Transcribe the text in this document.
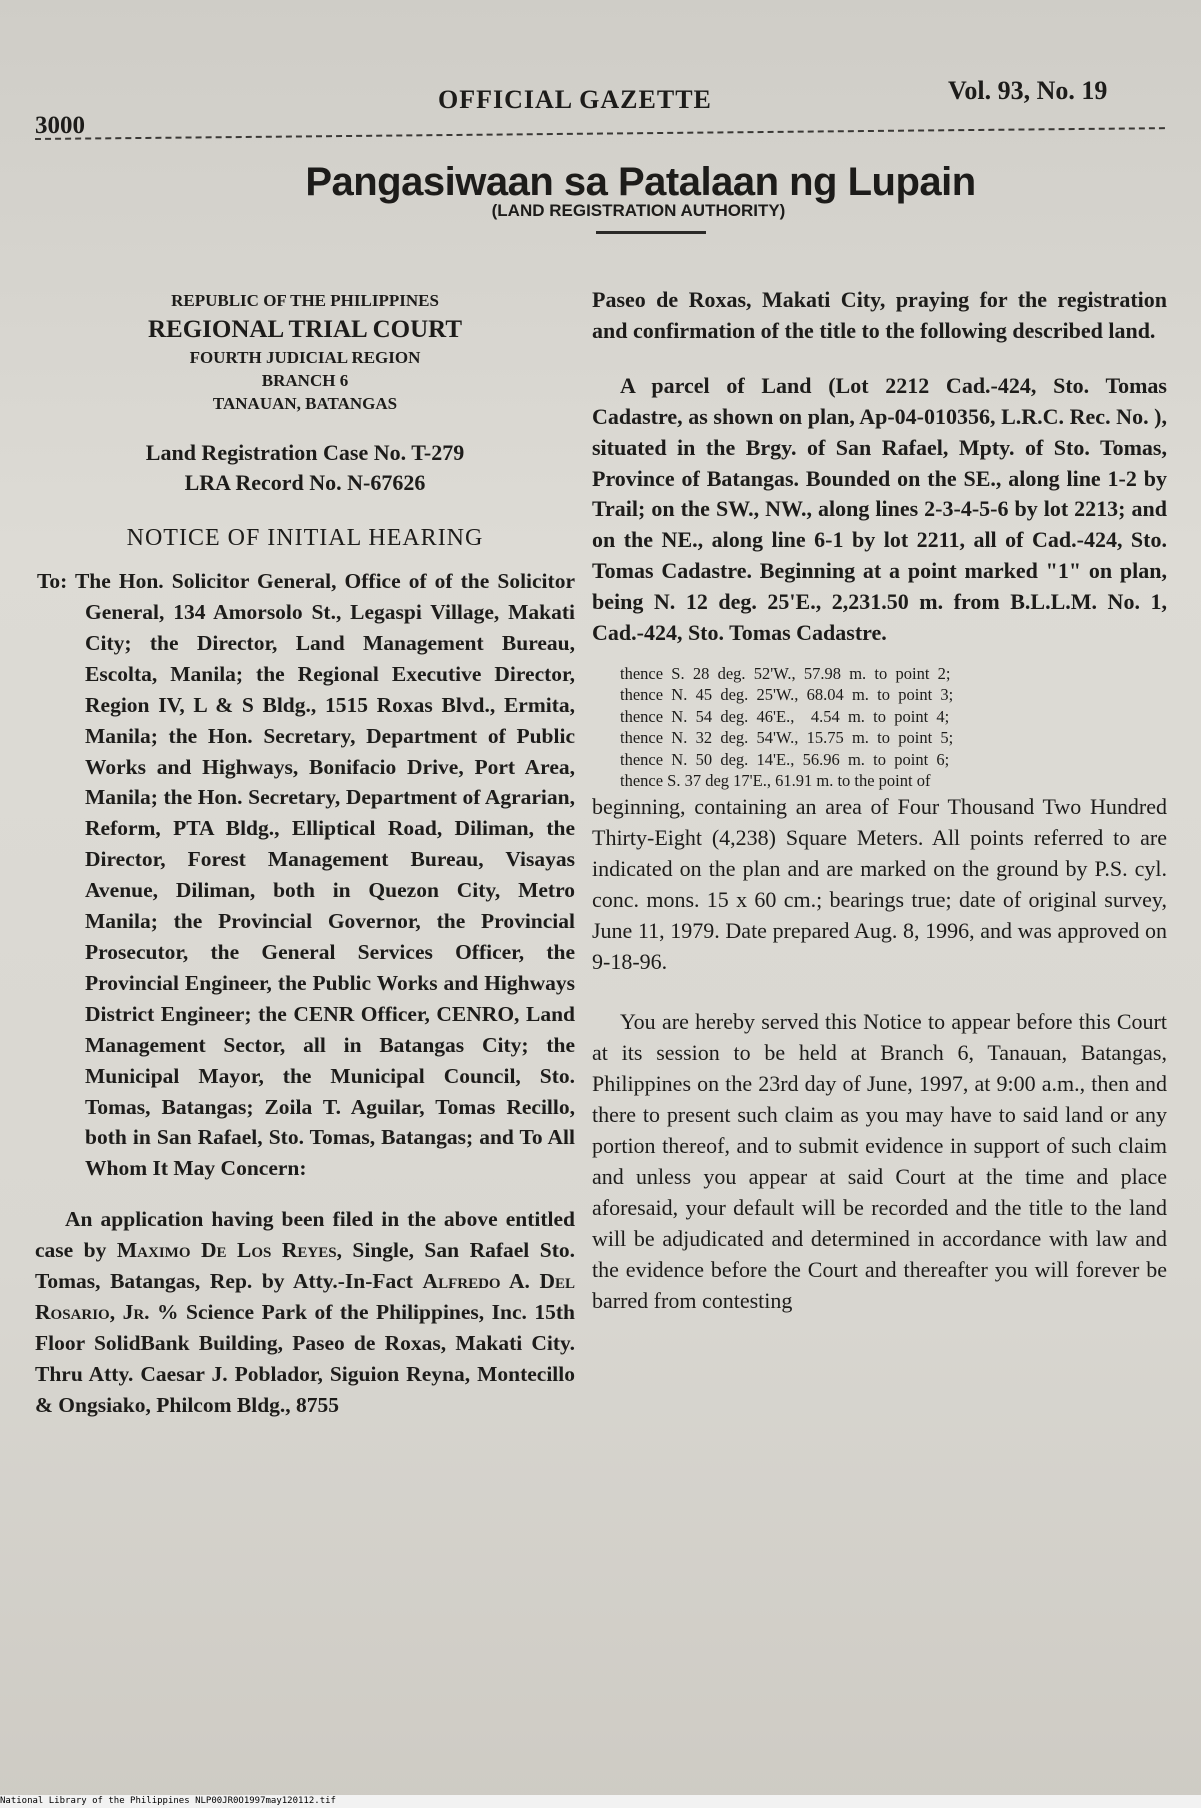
3000
OFFICIAL GAZETTE	Vol. 93, No. 19
Pangasiwaan sa Patalaan ng Lupain
(LAND REGISTRATION AUTHORITY)
REPUBLIC OF THE PHILIPPINES
REGIONAL TRIAL COURT
FOURTH JUDICIAL REGION
BRANCH 6
TANAUAN, BATANGAS
Land Registration Case No. T-279
LRA Record No. N-67626
NOTICE OF INITIAL HEARING
To: The Hon. Solicitor General, Office of of the Solicitor General, 134 Amorsolo St., Legaspi Village, Makati City; the Director, Land Management Bureau, Escolta, Manila; the Regional Executive Director, Region IV, L & S Bldg., 1515 Roxas Blvd., Ermita, Manila; the Hon. Secretary, Department of Public Works and Highways, Bonifacio Drive, Port Area, Manila; the Hon. Secretary, Department of Agrarian, Reform, PTA Bldg., Elliptical Road, Diliman, the Director, Forest Management Bureau, Visayas Avenue, Diliman, both in Quezon City, Metro Manila; the Provincial Governor, the Provincial Prosecutor, the General Services Officer, the Provincial Engineer, the Public Works and Highways District Engineer; the CENR Officer, CENRO, Land Management Sector, all in Batangas City; the Municipal Mayor, the Municipal Council, Sto. Tomas, Batangas; Zoila T. Aguilar, Tomas Recillo, both in San Rafael, Sto. Tomas, Batangas; and To All Whom It May Concern:
An application having been filed in the above entitled case by Maximo De Los Reyes, Single, San Rafael Sto. Tomas, Batangas, Rep. by Atty.-In-Fact Alfredo A. Del Rosario, Jr. % Science Park of the Philippines, Inc. 15th Floor SolidBank Building, Paseo de Roxas, Makati City. Thru Atty. Caesar J. Poblador, Siguion Reyna, Montecillo & Ongsiako, Philcom Bldg., 8755

Paseo de Roxas, Makati City, praying for the registration and confirmation of the title to the following described land.

A parcel of Land (Lot 2212 Cad.-424, Sto. Tomas Cadastre, as shown on plan, Ap-04-010356, L.R.C. Rec. No. ), situated in the Brgy. of San Rafael, Mpty. of Sto. Tomas, Province of Batangas. Bounded on the SE., along line 1-2 by Trail; on the SW., NW., along lines 2-3-4-5-6 by lot 2213; and on the NE., along line 6-1 by lot 2211, all of Cad.-424, Sto. Tomas Cadastre. Beginning at a point marked "1" on plan, being N. 12 deg. 25'E., 2,231.50 m. from B.L.L.M. No. 1, Cad.-424, Sto. Tomas Cadastre.

thence  S.  28  deg.  52'W.,  57.98  m.  to  point  2;
thence  N.  45  deg.  25'W.,  68.04  m.  to  point  3;
thence  N.  54  deg.  46'E.,    4.54  m.  to  point  4;
thence  N.  32  deg.  54'W.,  15.75  m.  to  point  5;
thence  N.  50  deg.  14'E.,  56.96  m.  to  point  6;
thence S. 37 deg 17'E., 61.91 m. to the point of

beginning, containing an area of Four Thousand Two Hundred Thirty-Eight (4,238) Square Meters. All points referred to are indicated on the plan and are marked on the ground by P.S. cyl. conc. mons. 15 x 60 cm.; bearings true; date of original survey, June 11, 1979. Date prepared Aug. 8, 1996, and was approved on 9-18-96.

You are hereby served this Notice to appear before this Court at its session to be held at Branch 6, Tanauan, Batangas, Philippines on the 23rd day of June, 1997, at 9:00 a.m., then and there to present such claim as you may have to said land or any portion thereof, and to submit evidence in support of such claim and unless you appear at said Court at the time and place aforesaid, your default will be recorded and the title to the land will be adjudicated and determined in accordance with law and the evidence before the Court and thereafter you will forever be barred from contesting

National Library of the Philippines NLP00JR0O1997may120112.tif
